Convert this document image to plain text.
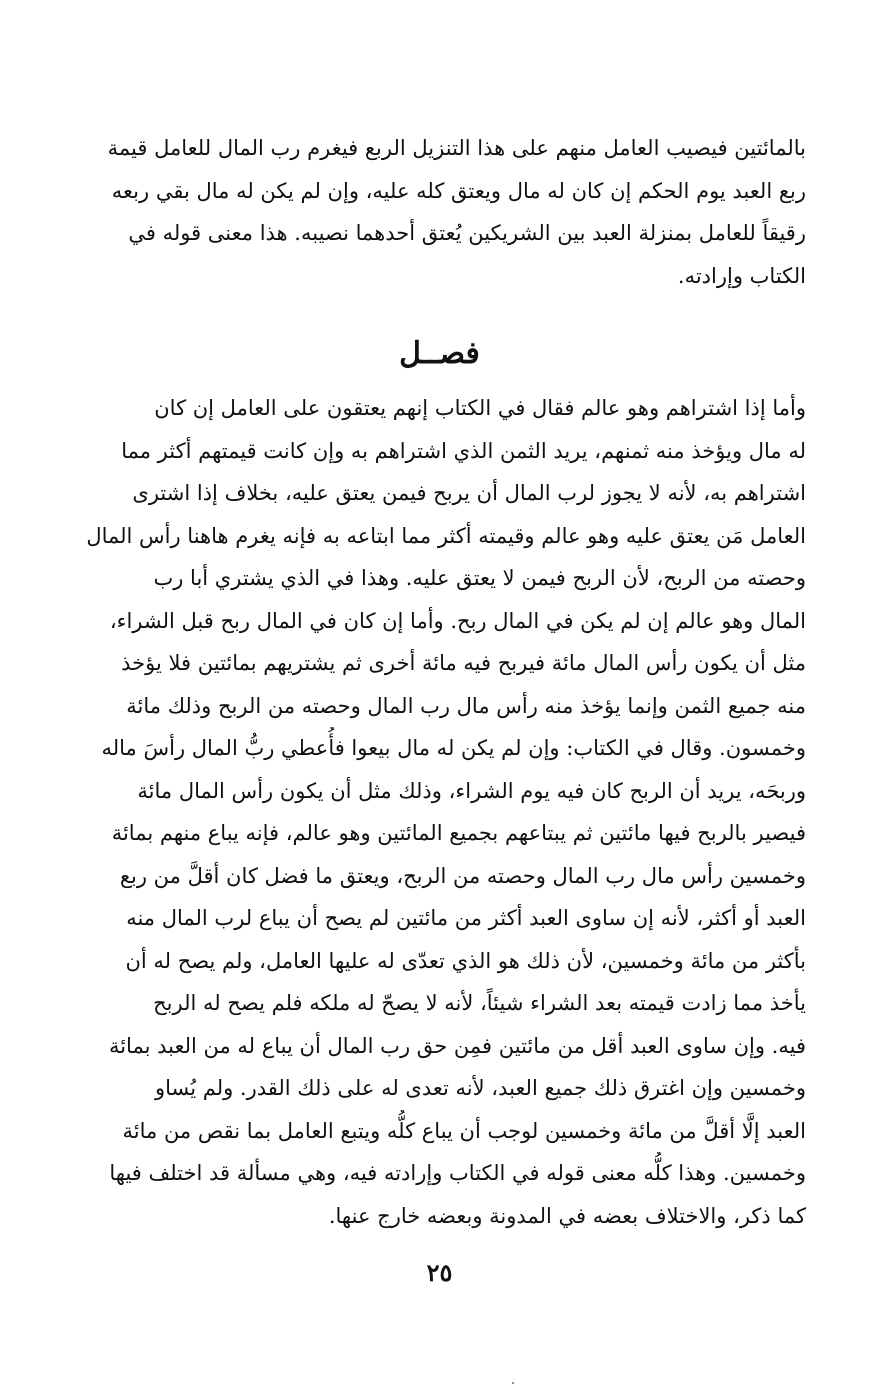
بالمائتين فيصيب العامل منهم على هذا التنزيل الربع فيغرم رب المال للعامل قيمة
ربع العبد يوم الحكم إن كان له مال ويعتق كله عليه، وإن لم يكن له مال بقي ربعه
رقيقاً للعامل بمنزلة العبد بين الشريكين يُعتق أحدهما نصيبه. هذا معنى قوله في
الكتاب وإرادته.
فصــل
وأما إذا اشتراهم وهو عالم فقال في الكتاب إنهم يعتقون على العامل إن كان
له مال ويؤخذ منه ثمنهم، يريد الثمن الذي اشتراهم به وإن كانت قيمتهم أكثر مما
اشتراهم به، لأنه لا يجوز لرب المال أن يربح فيمن يعتق عليه، بخلاف إذا اشترى
العامل مَن يعتق عليه وهو عالم وقيمته أكثر مما ابتاعه به فإنه يغرم هاهنا رأس المال
وحصته من الربح، لأن الربح فيمن لا يعتق عليه. وهذا في الذي يشتري أبا رب
المال وهو عالم إن لم يكن في المال ربح. وأما إن كان في المال ربح قبل الشراء،
مثل أن يكون رأس المال مائة فيربح فيه مائة أخرى ثم يشتريهم بمائتين فلا يؤخذ
منه جميع الثمن وإنما يؤخذ منه رأس مال رب المال وحصته من الربح وذلك مائة
وخمسون. وقال في الكتاب: وإن لم يكن له مال بيعوا فأُعطي ربُّ المال رأسَ ماله
وربحَه، يريد أن الربح كان فيه يوم الشراء، وذلك مثل أن يكون رأس المال مائة
فيصير بالربح فيها مائتين ثم يبتاعهم بجميع المائتين وهو عالم، فإنه يباع منهم بمائة
وخمسين رأس مال رب المال وحصته من الربح، ويعتق ما فضل كان أقلَّ من ربع
العبد أو أكثر، لأنه إن ساوى العبد أكثر من مائتين لم يصح أن يباع لرب المال منه
بأكثر من مائة وخمسين، لأن ذلك هو الذي تعدّى له عليها العامل، ولم يصح له أن
يأخذ مما زادت قيمته بعد الشراء شيئاً، لأنه لا يصحّ له ملكه فلم يصح له الربح
فيه. وإن ساوى العبد أقل من مائتين فمِن حق رب المال أن يباع له من العبد بمائة
وخمسين وإن اغترق ذلك جميع العبد، لأنه تعدى له على ذلك القدر. ولم يُساو
العبد إلَّا أقلَّ من مائة وخمسين لوجب أن يباع كلُّه ويتبع العامل بما نقص من مائة
وخمسين. وهذا كلُّه معنى قوله في الكتاب وإرادته فيه، وهي مسألة قد اختلف فيها
كما ذكر، والاختلاف بعضه في المدونة وبعضه خارج عنها.
٢٥
